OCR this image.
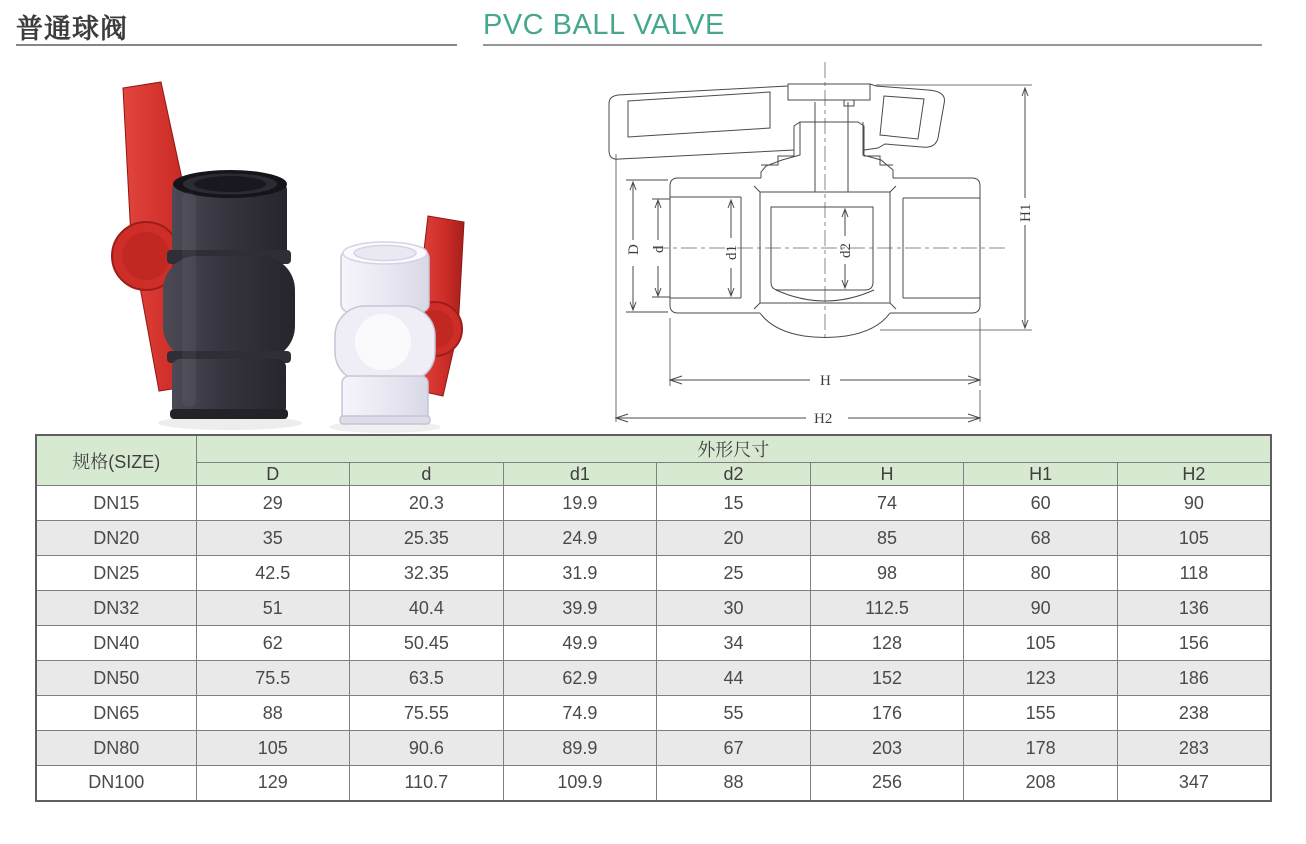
普通球阀	PVC BALL VALVE
D d	d1	d2
H1
H
H2
规格(SIZE)	外形尺寸						
	D	d	d1	d2	H	H1	H2
DN15	29	20.3	19.9	15	74	60	90
DN20	35	25.35	24.9	20	85	68	105
DN25	42.5	32.35	31.9	25	98	80	118
DN32	51	40.4	39.9	30	112.5	90	136
DN40	62	50.45	49.9	34	128	105	156
DN50	75.5	63.5	62.9	44	152	123	186
DN65	88	75.55	74.9	55	176	155	238
DN80	105	90.6	89.9	67	203	178	283
DN100	129	110.7	109.9	88	256	208	347
